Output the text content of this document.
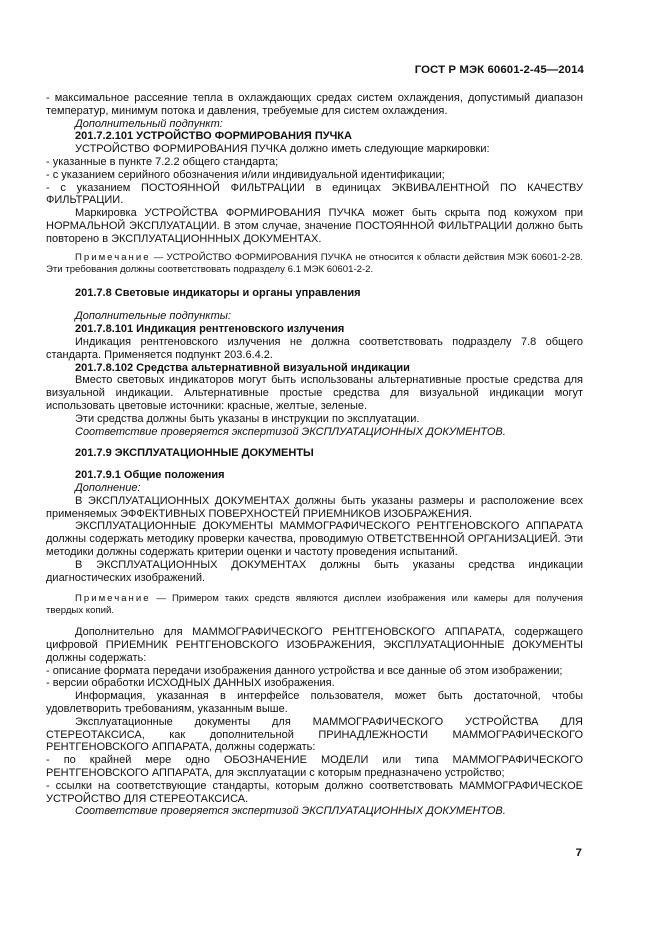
ГОСТ Р МЭК 60601-2-45—2014

- максимальное рассеяние тепла в охлаждающих средах систем охлаждения, допустимый диапазон температур, минимум потока и давления, требуемые для систем охлаждения.

Дополнительный подпункт:

201.7.2.101 УСТРОЙСТВО ФОРМИРОВАНИЯ ПУЧКА

УСТРОЙСТВО ФОРМИРОВАНИЯ ПУЧКА должно иметь следующие маркировки:

- указанные в пункте 7.2.2 общего стандарта;

- с указанием серийного обозначения и/или индивидуальной идентификации;

- с указанием ПОСТОЯННОЙ ФИЛЬТРАЦИИ в единицах ЭКВИВАЛЕНТНОЙ ПО КАЧЕСТВУ ФИЛЬТРАЦИИ.

Маркировка УСТРОЙСТВА ФОРМИРОВАНИЯ ПУЧКА может быть скрыта под кожухом при НОРМАЛЬНОЙ ЭКСПЛУАТАЦИИ. В этом случае, значение ПОСТОЯННОЙ ФИЛЬТРАЦИИ должно быть повторено в ЭКСПЛУАТАЦИОНННЫХ ДОКУМЕНТАХ.

Примечание — УСТРОЙСТВО ФОРМИРОВАНИЯ ПУЧКА не относится к области действия МЭК 60601-2-28. Эти требования должны соответствовать подразделу 6.1 МЭК 60601-2-2.

201.7.8 Световые индикаторы и органы управления

Дополнительные подпункты:

201.7.8.101 Индикация рентгеновского излучения

Индикация рентгеновского излучения не должна соответствовать подразделу 7.8 общего стандарта. Применяется подпункт 203.6.4.2.

201.7.8.102 Средства альтернативной визуальной индикации

Вместо световых индикаторов могут быть использованы альтернативные простые средства для визуальной индикации. Альтернативные простые средства для визуальной индикации могут использовать цветовые источники: красные, желтые, зеленые.

Эти средства должны быть указаны в инструкции по эксплуатации.

Соответствие проверяется экспертизой ЭКСПЛУАТАЦИОННЫХ ДОКУМЕНТОВ.

201.7.9 ЭКСПЛУАТАЦИОННЫЕ ДОКУМЕНТЫ

201.7.9.1 Общие положения

Дополнение:

В ЭКСПЛУАТАЦИОННЫХ ДОКУМЕНТАХ должны быть указаны размеры и расположение всех применяемых ЭФФЕКТИВНЫХ ПОВЕРХНОСТЕЙ ПРИЕМНИКОВ ИЗОБРАЖЕНИЯ.

ЭКСПЛУАТАЦИОННЫЕ ДОКУМЕНТЫ МАММОГРАФИЧЕСКОГО РЕНТГЕНОВСКОГО АППАРАТА должны содержать методику проверки качества, проводимую ОТВЕТСТВЕННОЙ ОРГАНИЗАЦИЕЙ. Эти методики должны содержать критерии оценки и частоту проведения испытаний.

В ЭКСПЛУАТАЦИОННЫХ ДОКУМЕНТАХ должны быть указаны средства индикации диагностических изображений.

Примечание — Примером таких средств являются дисплеи изображения или камеры для получения твердых копий.

Дополнительно для МАММОГРАФИЧЕСКОГО РЕНТГЕНОВСКОГО АППАРАТА, содержащего цифровой ПРИЕМНИК РЕНТГЕНОВСКОГО ИЗОБРАЖЕНИЯ, ЭКСПЛУАТАЦИОННЫЕ ДОКУМЕНТЫ должны содержать:

- описание формата передачи изображения данного устройства и все данные об этом изображении;

- версии обработки ИСХОДНЫХ ДАННЫХ изображения.

Информация, указанная в интерфейсе пользователя, может быть достаточной, чтобы удовлетворить требованиям, указанным выше.

Эксплуатационные документы для МАММОГРАФИЧЕСКОГО УСТРОЙСТВА ДЛЯ СТЕРЕОТАКСИСА, как дополнительной ПРИНАДЛЕЖНОСТИ МАММОГРАФИЧЕСКОГО РЕНТГЕНОВСКОГО АППАРАТА, должны содержать:

- по крайней мере одно ОБОЗНАЧЕНИЕ МОДЕЛИ или типа МАММОГРАФИЧЕСКОГО РЕНТГЕНОВСКОГО АППАРАТА, для эксплуатации с которым предназначено устройство;

- ссылки на соответствующие стандарты, которым должно соответствовать МАММОГРАФИЧЕСКОЕ УСТРОЙСТВО ДЛЯ СТЕРЕОТАКСИСА.

Соответствие проверяется экспертизой ЭКСПЛУАТАЦИОННЫХ ДОКУМЕНТОВ.

7
